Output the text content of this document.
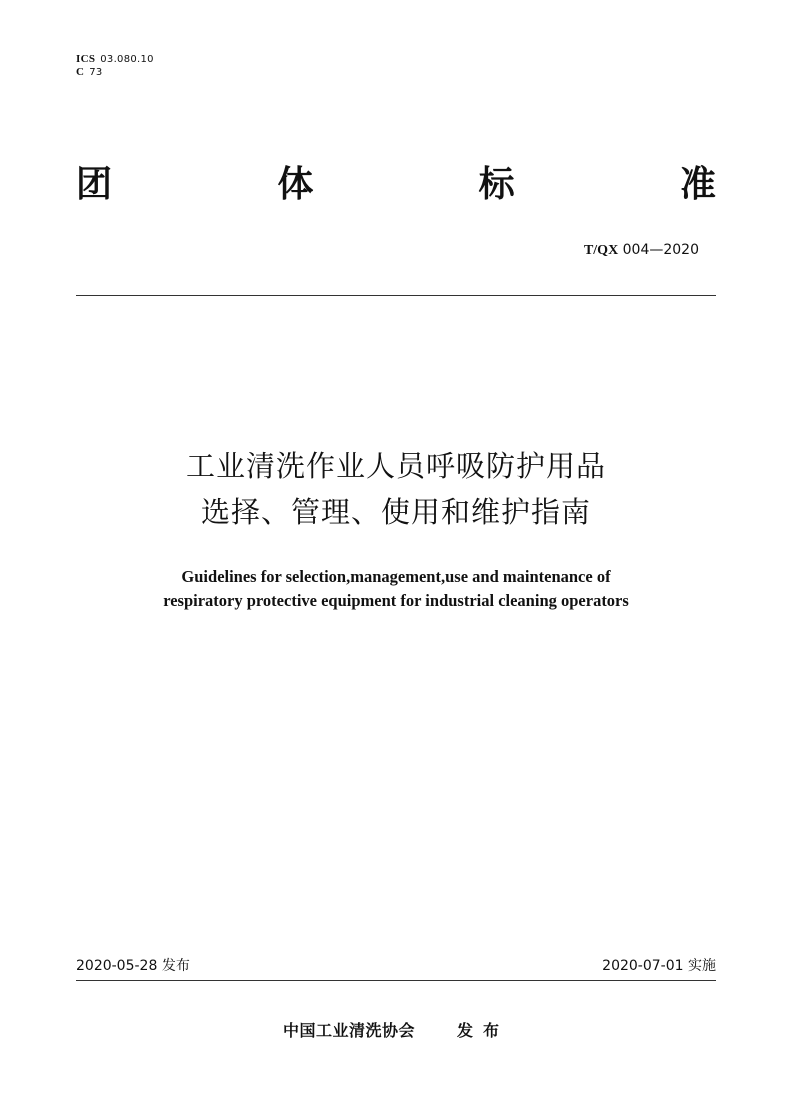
ICS 03.080.10
C 73
团	体	标	准
T/QX 004—2020
工业清洗作业人员呼吸防护用品
选择、管理、使用和维护指南
Guidelines for selection,management,use and maintenance of
respiratory protective equipment for industrial cleaning operators
2020-05-28 发布	2020-07-01 实施
中国工业清洗协会	发布
